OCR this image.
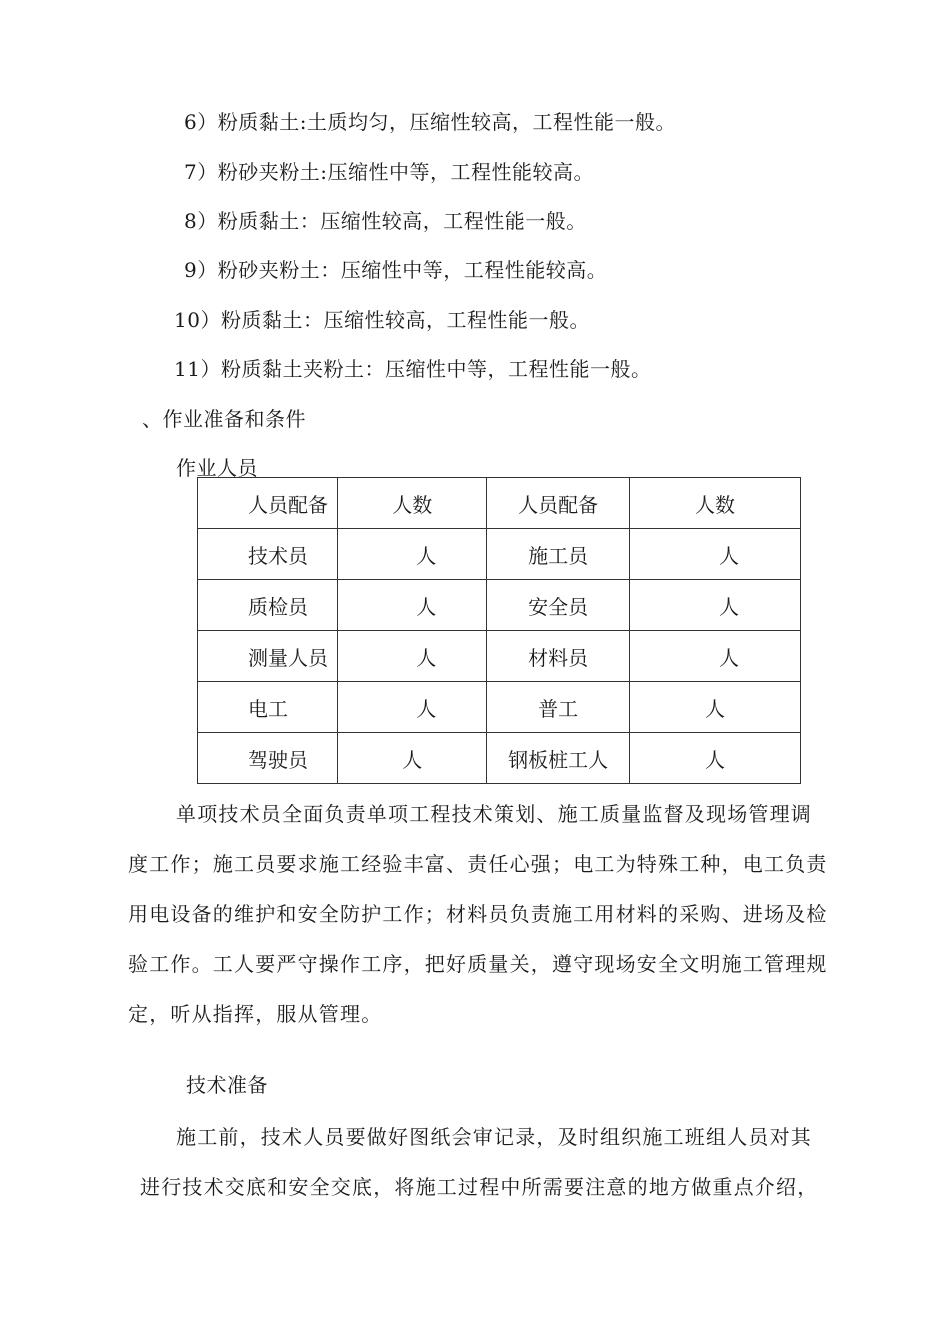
6）粉质黏土:土质均匀，压缩性较高，工程性能一般。
7）粉砂夹粉土:压缩性中等，工程性能较高。
8）粉质黏土：压缩性较高，工程性能一般。
9）粉砂夹粉土：压缩性中等，工程性能较高。
10）粉质黏土：压缩性较高，工程性能一般。
11）粉质黏土夹粉土：压缩性中等，工程性能一般。
、作业准备和条件
作业人员
人员配备	人数	人员配备	人数
技术员	人	施工员	人
质检员	人	安全员	人
测量人员	人	材料员	人
电工	人	普工	人
驾驶员	人	钢板桩工人	人
单项技术员全面负责单项工程技术策划、施工质量监督及现场管理调
度工作；施工员要求施工经验丰富、责任心强；电工为特殊工种，电工负责
用电设备的维护和安全防护工作；材料员负责施工用材料的采购、进场及检
验工作。工人要严守操作工序，把好质量关，遵守现场安全文明施工管理规
定，听从指挥，服从管理。
技术准备
施工前，技术人员要做好图纸会审记录，及时组织施工班组人员对其
进行技术交底和安全交底，将施工过程中所需要注意的地方做重点介绍，
